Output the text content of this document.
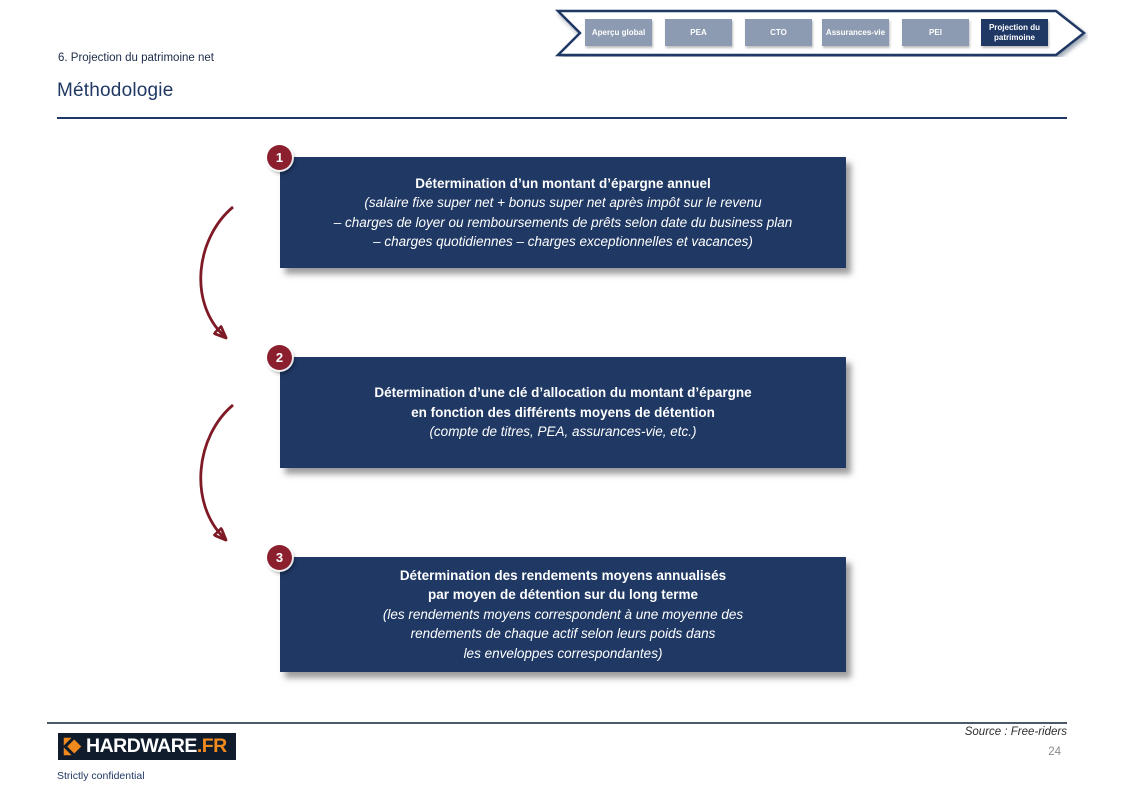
Aperçu global	PEA	CTO	Assurances-vie	PEI
Projection du patrimoine
6. Projection du patrimoine net
Méthodologie
1
Détermination d’un montant d’épargne annuel
(salaire fixe super net + bonus super net après impôt sur le revenu
– charges de loyer ou remboursements de prêts selon date du business plan
– charges quotidiennes – charges exceptionnelles et vacances)
2
Détermination d’une clé d’allocation du montant d’épargne
en fonction des différents moyens de détention
(compte de titres, PEA, assurances-vie, etc.)
3
Détermination des rendements moyens annualisés
par moyen de détention sur du long terme
(les rendements moyens correspondent à une moyenne des
rendements de chaque actif selon leurs poids dans
les enveloppes correspondantes)
HARDWARE .FR
Strictly confidential
Source : Free-riders
24
